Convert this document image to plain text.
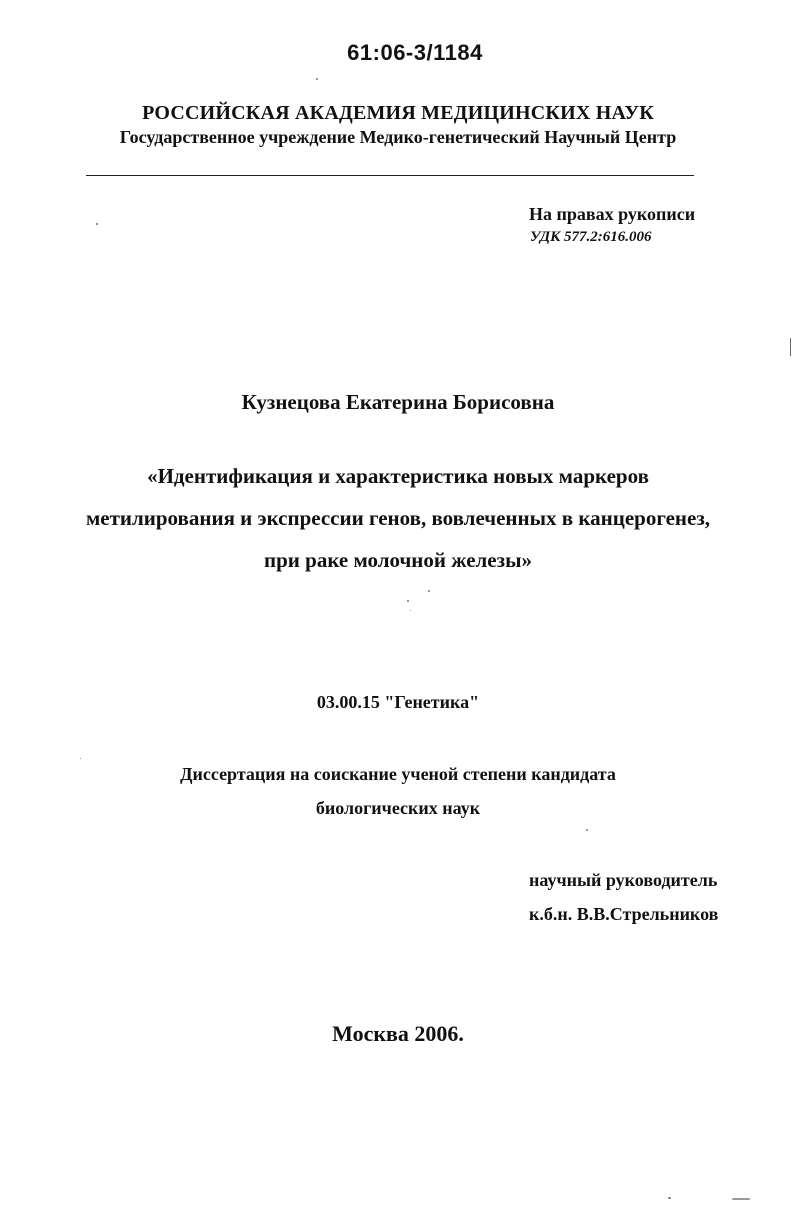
61:06-3/1184
РОССИЙСКАЯ АКАДЕМИЯ МЕДИЦИНСКИХ НАУК
Государственное учреждение Медико-генетический Научный Центр
На правах рукописи
УДК 577.2:616.006
Кузнецова Екатерина Борисовна
«Идентификация и характеристика новых маркеров
метилирования и экспрессии генов, вовлеченных в канцерогенез,
при раке молочной железы»
03.00.15 "Генетика"
Диссертация на соискание ученой степени кандидата
биологических наук
научный руководитель
к.б.н. В.В.Стрельников
Москва 2006.
